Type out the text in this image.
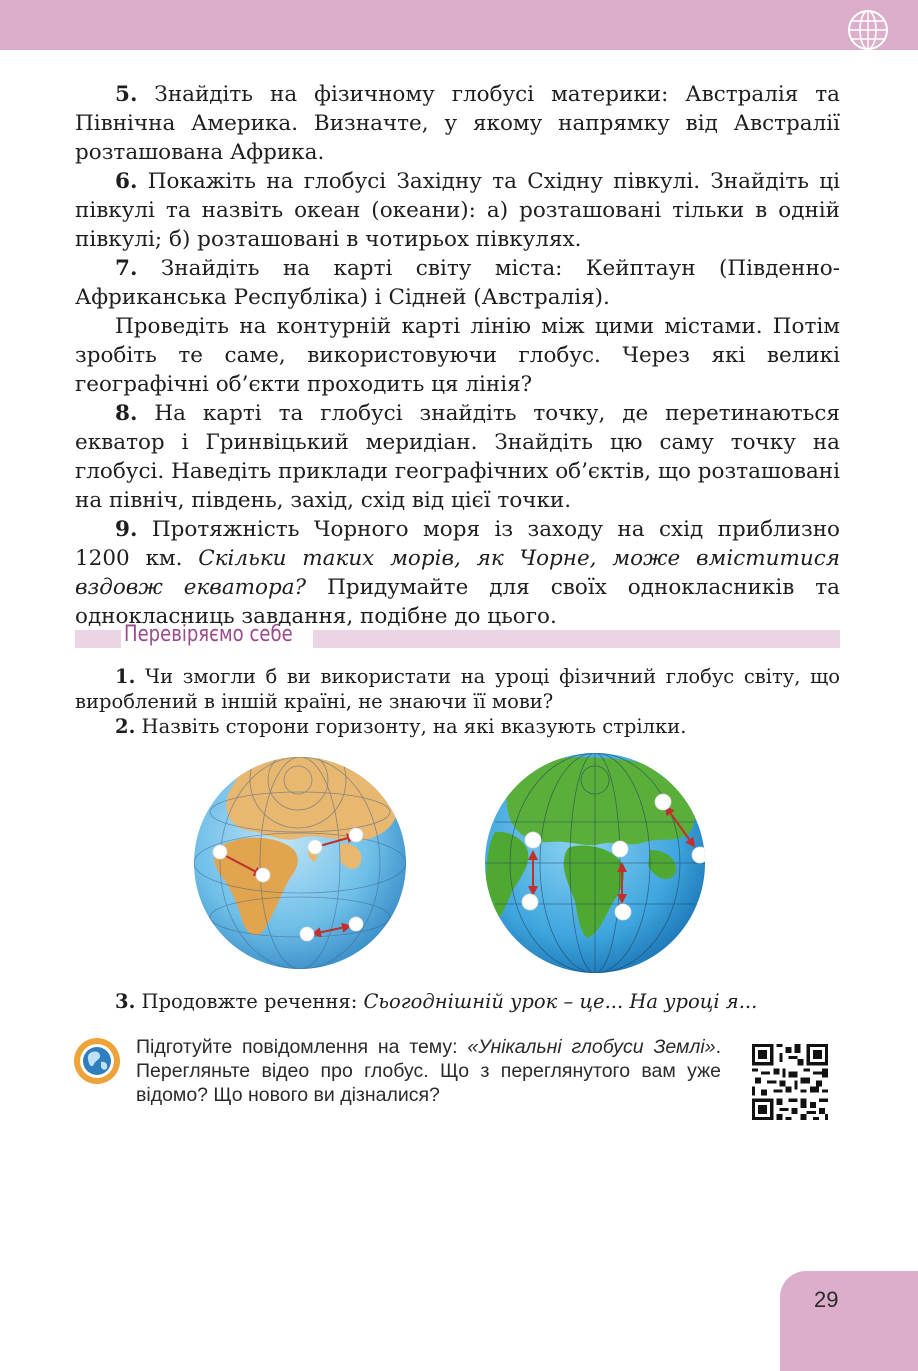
5. Знайдіть на фізичному глобусі материки: Австралія та Північна Америка. Визначте, у якому напрямку від Австралії розташована Африка.

6. Покажіть на глобусі Західну та Східну півкулі. Знайдіть ці півкулі та назвіть океан (океани): а) розташовані тільки в одній півкулі; б) розташовані в чотирьох півкулях.

7. Знайдіть на карті світу міста: Кейптаун (Південно-Африканська Республіка) і Сідней (Австралія).

Проведіть на контурній карті лінію між цими містами. Потім зробіть те саме, використовуючи глобус. Через які великі географічні об’єкти проходить ця лінія?

8. На карті та глобусі знайдіть точку, де перетинаються екватор і Гринвіцький меридіан. Знайдіть цю саму точку на глобусі. Наведіть приклади географічних об’єктів, що розташовані на північ, південь, захід, схід від цієї точки.

9. Протяжність Чорного моря із заходу на схід приблизно 1200 км. Скільки таких морів, як Чорне, може вміститися вздовж екватора? Придумайте для своїх однокласників та однокласниць завдання, подібне до цього.

Перевіряємо себе

1. Чи змогли б ви використати на уроці фізичний глобус світу, що вироблений в іншій країні, не знаючи її мови?

2. Назвіть сторони горизонту, на які вказують стрілки.

3. Продовжте речення: Сьогоднішній урок – це... На уроці я...
Підготуйте повідомлення на тему: «Унікальні глобуси Землі». Перегляньте відео про глобус. Що з переглянутого вам уже відомо? Що нового ви дізналися?
29
